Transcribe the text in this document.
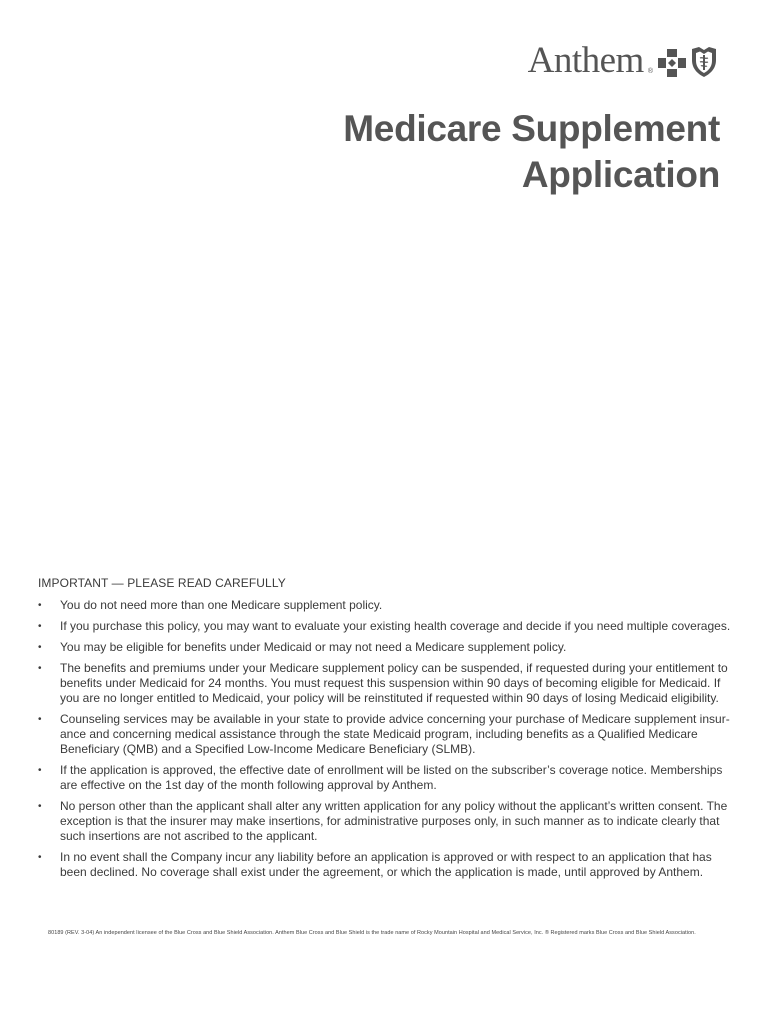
Anthem ®
Medicare Supplement
Application

IMPORTANT — PLEASE READ CAREFULLY

• You do not need more than one Medicare supplement policy.
• If you purchase this policy, you may want to evaluate your existing health coverage and decide if you need multiple coverages.
• You may be eligible for benefits under Medicaid or may not need a Medicare supplement policy.
• The benefits and premiums under your Medicare supplement policy can be suspended, if requested during your entitlement to benefits under Medicaid for 24 months. You must request this suspension within 90 days of becoming eligible for Medicaid. If you are no longer entitled to Medicaid, your policy will be reinstituted if requested within 90 days of losing Medicaid eligibility.
• Counseling services may be available in your state to provide advice concerning your purchase of Medicare supplement insur-ance and concerning medical assistance through the state Medicaid program, including benefits as a Qualified Medicare Beneficiary (QMB) and a Specified Low-Income Medicare Beneficiary (SLMB).
• If the application is approved, the effective date of enrollment will be listed on the subscriber’s coverage notice. Memberships are effective on the 1st day of the month following approval by Anthem.
• No person other than the applicant shall alter any written application for any policy without the applicant’s written consent. The exception is that the insurer may make insertions, for administrative purposes only, in such manner as to indicate clearly that such insertions are not ascribed to the applicant.
• In no event shall the Company incur any liability before an application is approved or with respect to an application that has been declined. No coverage shall exist under the agreement, or which the application is made, until approved by Anthem.
80189 (REV. 3-04) An independent licensee of the Blue Cross and Blue Shield Association. Anthem Blue Cross and Blue Shield is the trade name of Rocky Mountain Hospital and Medical Service, Inc. ® Registered marks Blue Cross and Blue Shield Association.
